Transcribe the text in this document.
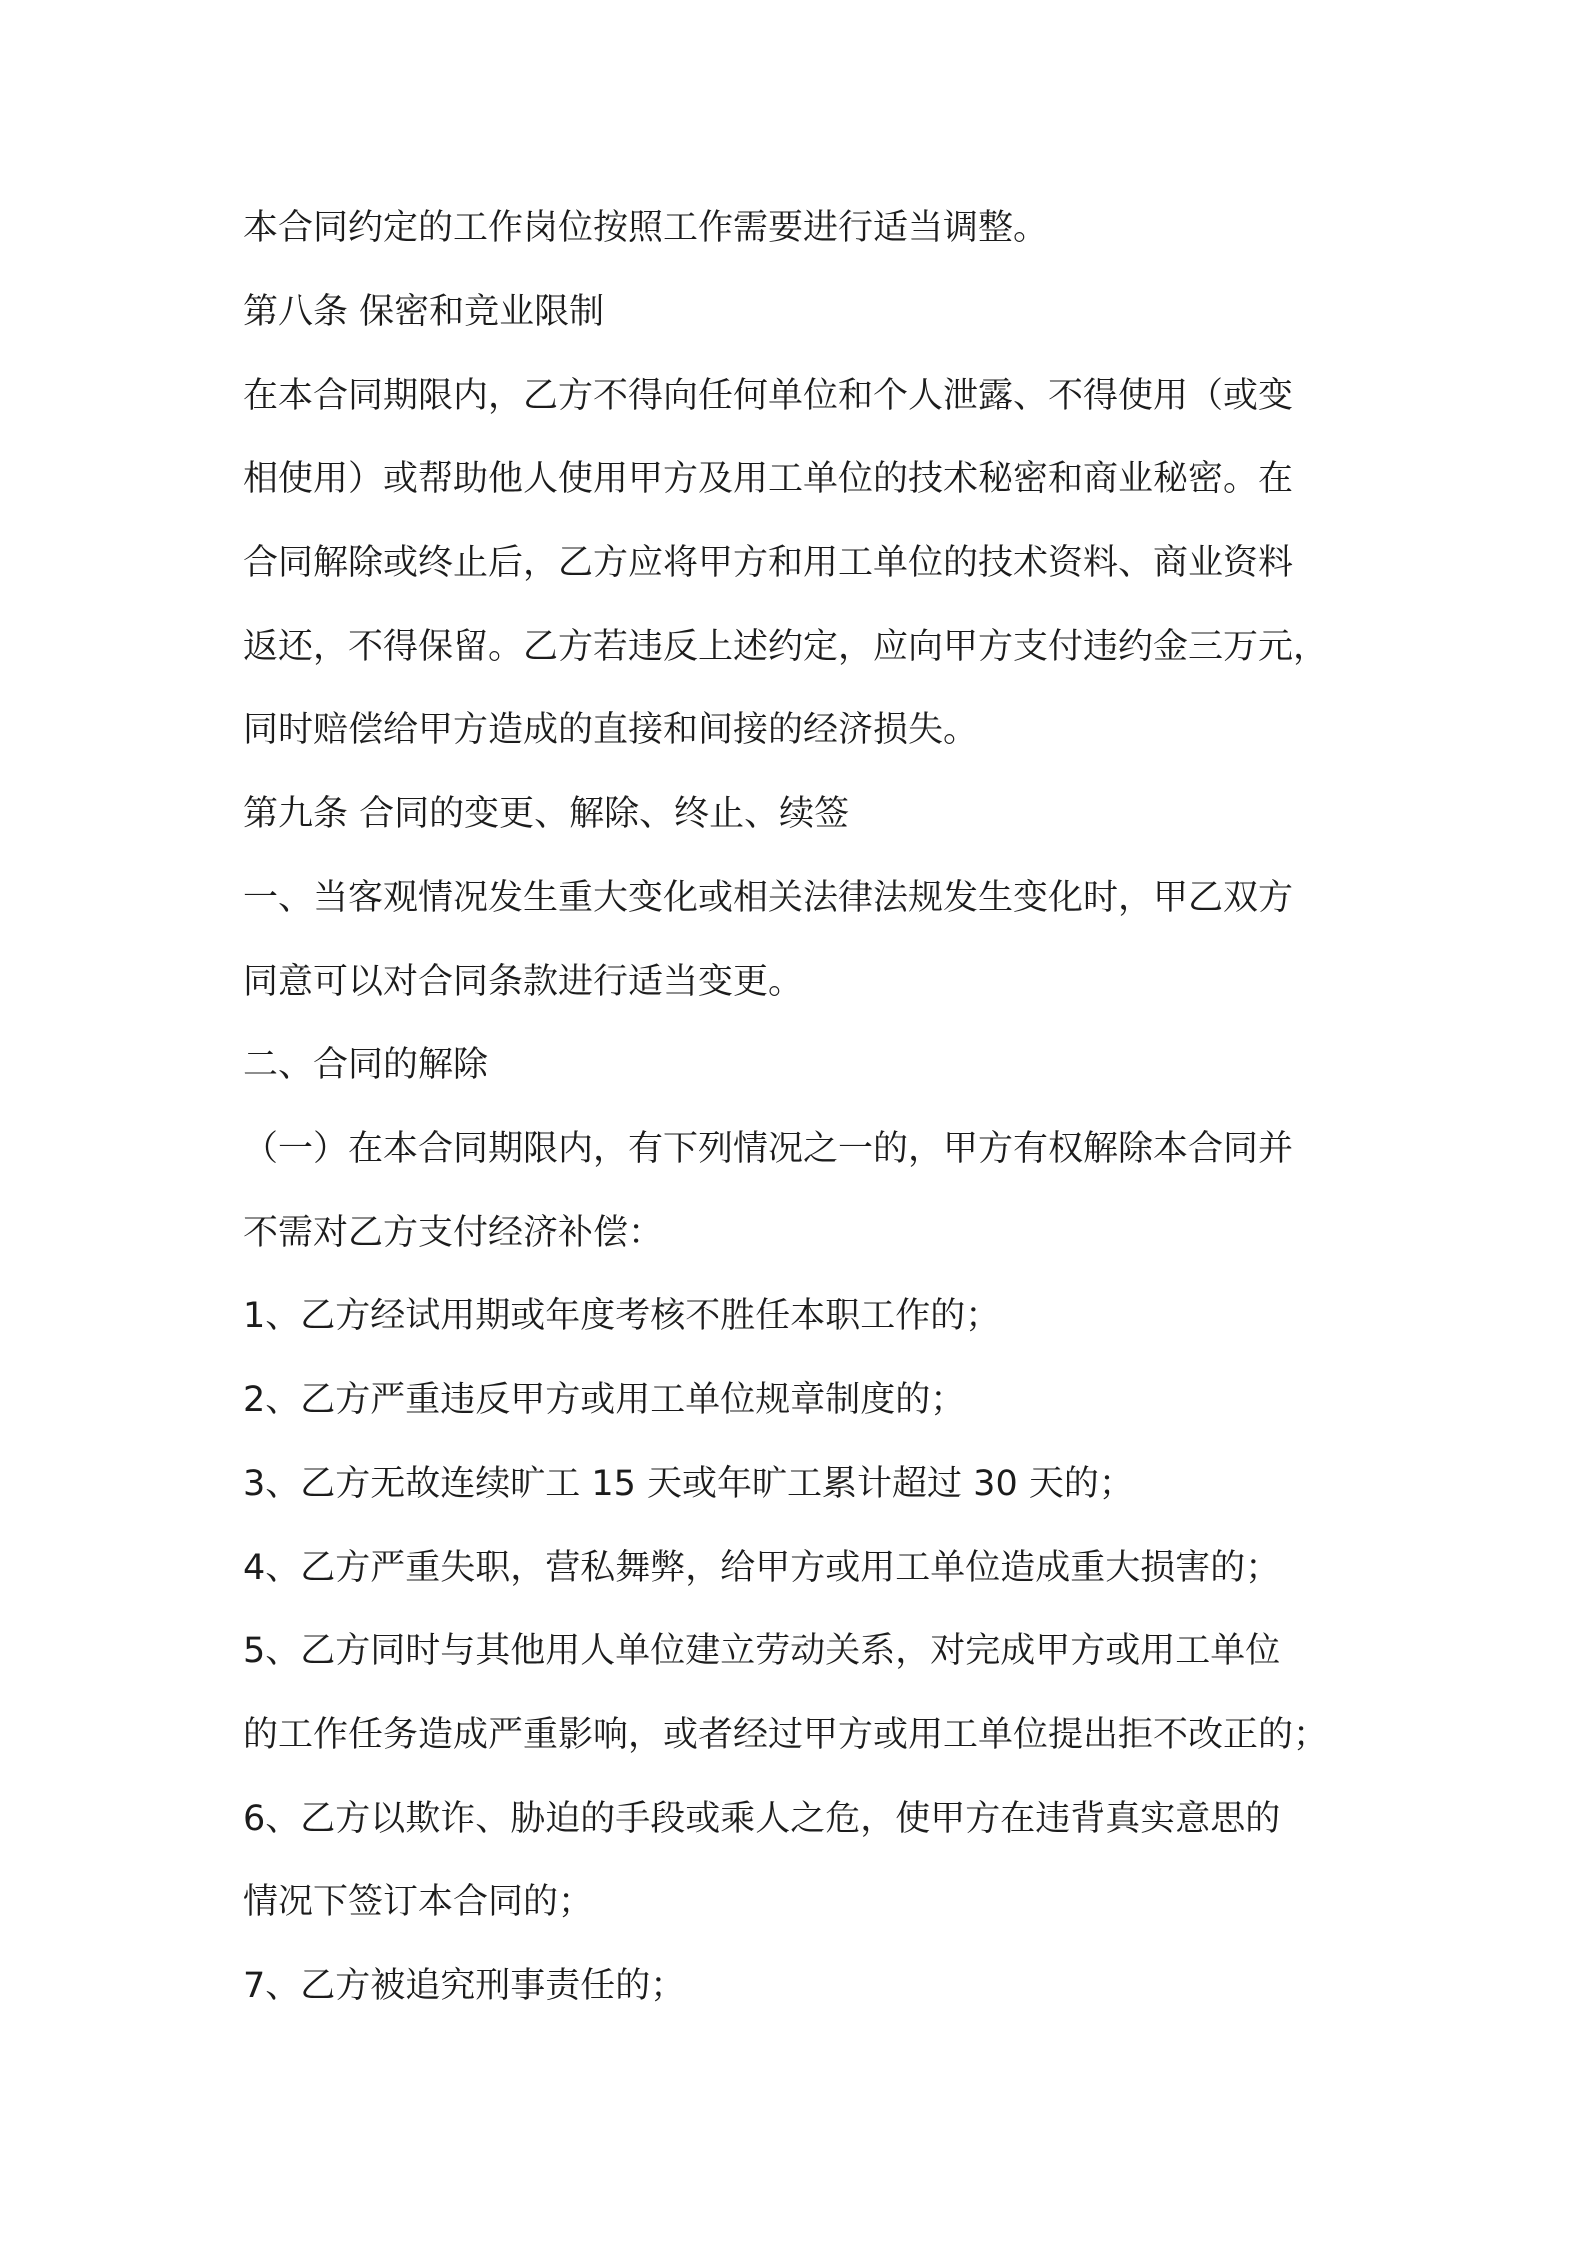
本合同约定的工作岗位按照工作需要进行适当调整。
第八条 保密和竞业限制
在本合同期限内，乙方不得向任何单位和个人泄露、不得使用（或变
相使用）或帮助他人使用甲方及用工单位的技术秘密和商业秘密。在
合同解除或终止后，乙方应将甲方和用工单位的技术资料、商业资料
返还，不得保留。乙方若违反上述约定，应向甲方支付违约金三万元，
同时赔偿给甲方造成的直接和间接的经济损失。
第九条 合同的变更、解除、终止、续签
一、当客观情况发生重大变化或相关法律法规发生变化时，甲乙双方
同意可以对合同条款进行适当变更。
二、合同的解除
（一）在本合同期限内，有下列情况之一的，甲方有权解除本合同并
不需对乙方支付经济补偿：
1、乙方经试用期或年度考核不胜任本职工作的；
2、乙方严重违反甲方或用工单位规章制度的；
3、乙方无故连续旷工 15 天或年旷工累计超过 30 天的；
4、乙方严重失职，营私舞弊，给甲方或用工单位造成重大损害的；
5、乙方同时与其他用人单位建立劳动关系，对完成甲方或用工单位
的工作任务造成严重影响，或者经过甲方或用工单位提出拒不改正的；
6、乙方以欺诈、胁迫的手段或乘人之危，使甲方在违背真实意思的
情况下签订本合同的；
7、乙方被追究刑事责任的；
